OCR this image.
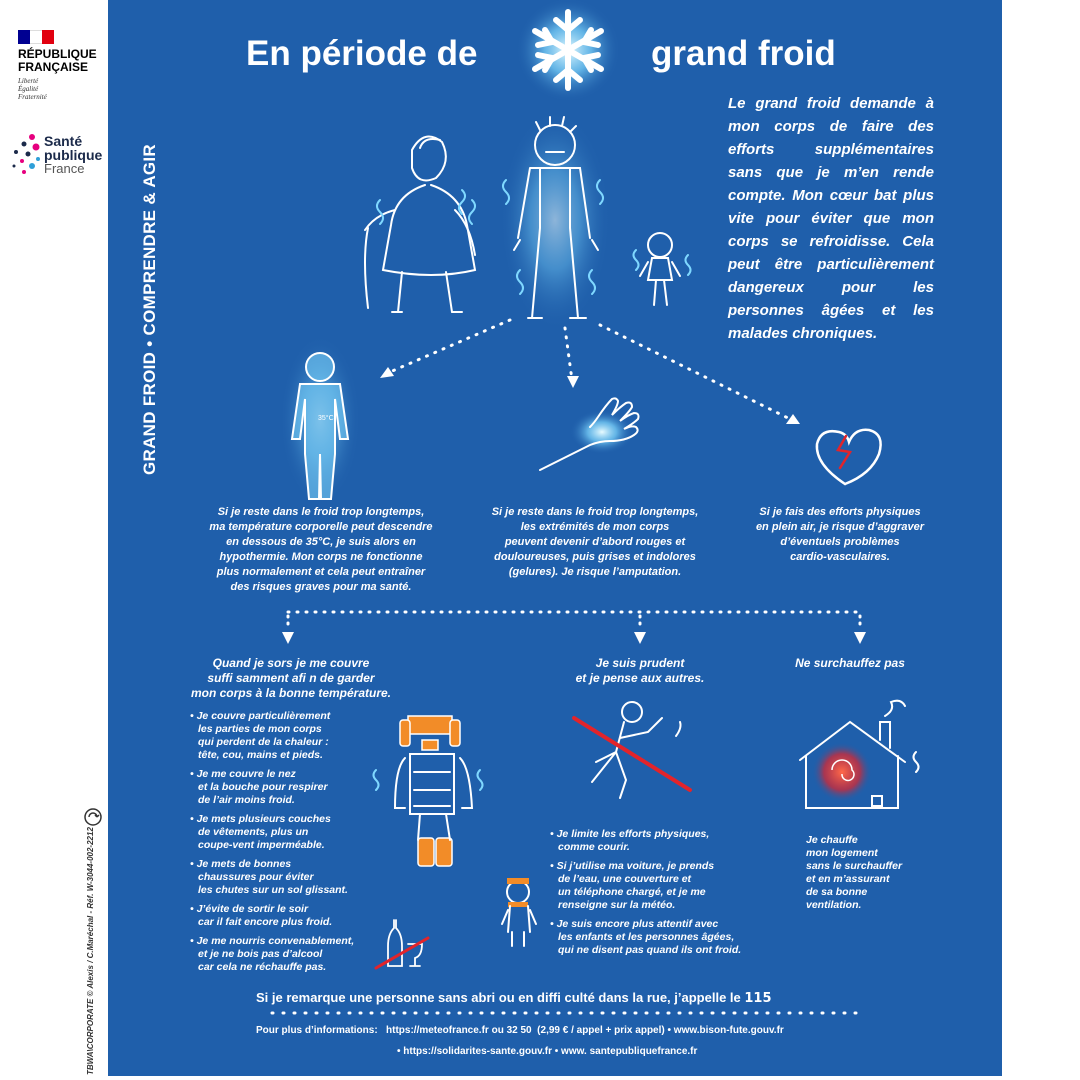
RÉPUBLIQUE
FRANÇAISE
Liberté
Égalité
Fraternité
Santé
publique
France
TBWA\CORPORATE © Alexis / C.Maréchal - Réf. W-3044-002-2212
35°C
GRAND FROID • COMPRENDRE & AGIR
En période de	grand froid
Le grand froid demande à mon corps de faire des efforts supplémentaires sans que je m’en rende compte. Mon cœur bat plus vite pour éviter que mon corps se refroidisse. Cela peut être particulièrement dangereux pour les personnes âgées et les malades chroniques.
Si je reste dans le froid trop longtemps,
ma température corporelle peut descendre
en dessous de 35°C, je suis alors en
hypothermie. Mon corps ne fonctionne
plus normalement et cela peut entraîner
des risques graves pour ma santé.
Si je reste dans le froid trop longtemps,
les extrémités de mon corps
peuvent devenir d’abord rouges et
douloureuses, puis grises et indolores
(gelures). Je risque l’amputation.
Si je fais des efforts physiques
en plein air, je risque d’aggraver
d’éventuels problèmes
cardio-vasculaires.
Quand je sors je me couvre
suffi samment afi n de garder
mon corps à la bonne température.
Je suis prudent
et je pense aux autres.
Ne surchauffez pas
• Je couvre particulièrement
les parties de mon corps
qui perdent de la chaleur :
tête, cou, mains et pieds.
• Je me couvre le nez
et la bouche pour respirer
de l’air moins froid.
• Je mets plusieurs couches
de vêtements, plus un
coupe-vent imperméable.
• Je mets de bonnes
chaussures pour éviter
les chutes sur un sol glissant.
• J’évite de sortir le soir
car il fait encore plus froid.
• Je me nourris convenablement,
et je ne bois pas d’alcool
car cela ne réchauffe pas.
• Je limite les efforts physiques,
comme courir.
• Si j’utilise ma voiture, je prends
de l’eau, une couverture et
un téléphone chargé, et je me
renseigne sur la météo.
• Je suis encore plus attentif avec
les enfants et les personnes âgées,
qui ne disent pas quand ils ont froid.
Je chauffe
mon logement
sans le surchauffer
et en m’assurant
de sa bonne
ventilation.
Si je remarque une personne sans abri ou en diffi culté dans la rue, j’appelle le 115
Pour plus d’informations: https://meteofrance.fr ou 32 50 (2,99 € / appel + prix appel) • www.bison-fute.gouv.fr
• https://solidarites-sante.gouv.fr • www. santepubliquefrance.fr
